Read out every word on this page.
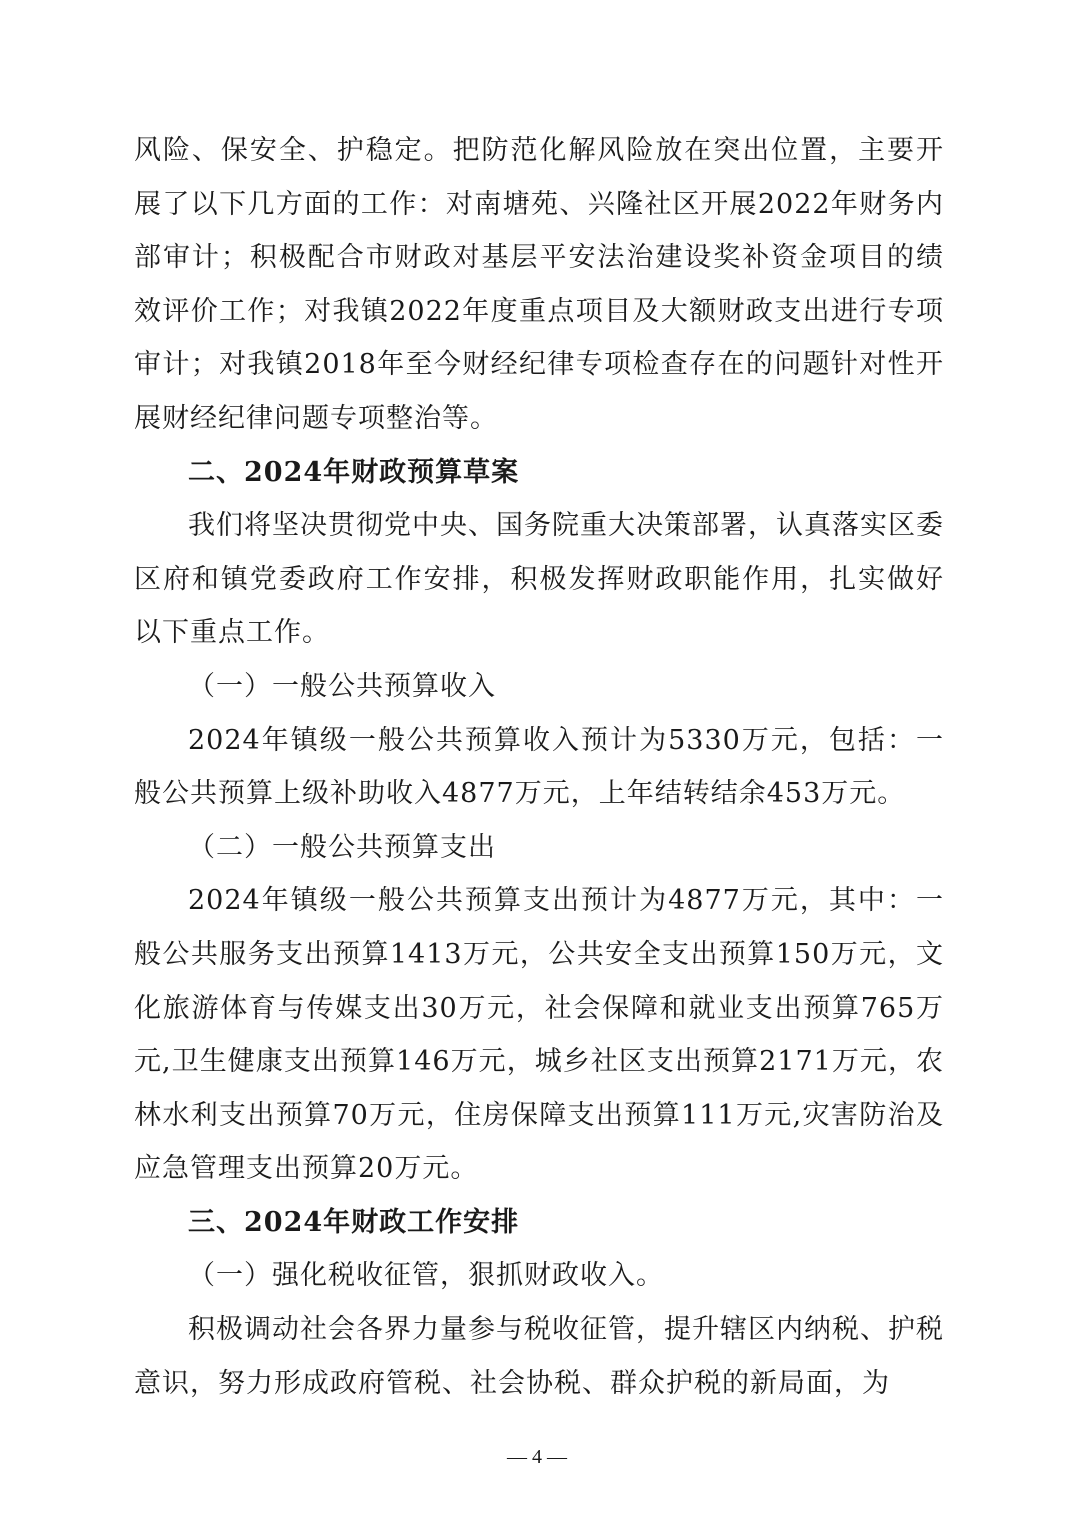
风险、保安全、护稳定。把防范化解风险放在突出位置，主要开展了以下几方面的工作：对南塘苑、兴隆社区开展2022年财务内部审计；积极配合市财政对基层平安法治建设奖补资金项目的绩效评价工作；对我镇2022年度重点项目及大额财政支出进行专项审计；对我镇2018年至今财经纪律专项检查存在的问题针对性开展财经纪律问题专项整治等。

二、2024年财政预算草案

我们将坚决贯彻党中央、国务院重大决策部署，认真落实区委区府和镇党委政府工作安排，积极发挥财政职能作用，扎实做好以下重点工作。

（一）一般公共预算收入

2024年镇级一般公共预算收入预计为5330万元，包括：一般公共预算上级补助收入4877万元，上年结转结余453万元。

（二）一般公共预算支出

2024年镇级一般公共预算支出预计为4877万元，其中：一般公共服务支出预算1413万元，公共安全支出预算150万元，文化旅游体育与传媒支出30万元，社会保障和就业支出预算765万元,卫生健康支出预算146万元，城乡社区支出预算2171万元，农林水利支出预算70万元，住房保障支出预算111万元,灾害防治及应急管理支出预算20万元。

三、2024年财政工作安排

（一）强化税收征管，狠抓财政收入。

积极调动社会各界力量参与税收征管，提升辖区内纳税、护税意识，努力形成政府管税、社会协税、群众护税的新局面，为

— 4 —
